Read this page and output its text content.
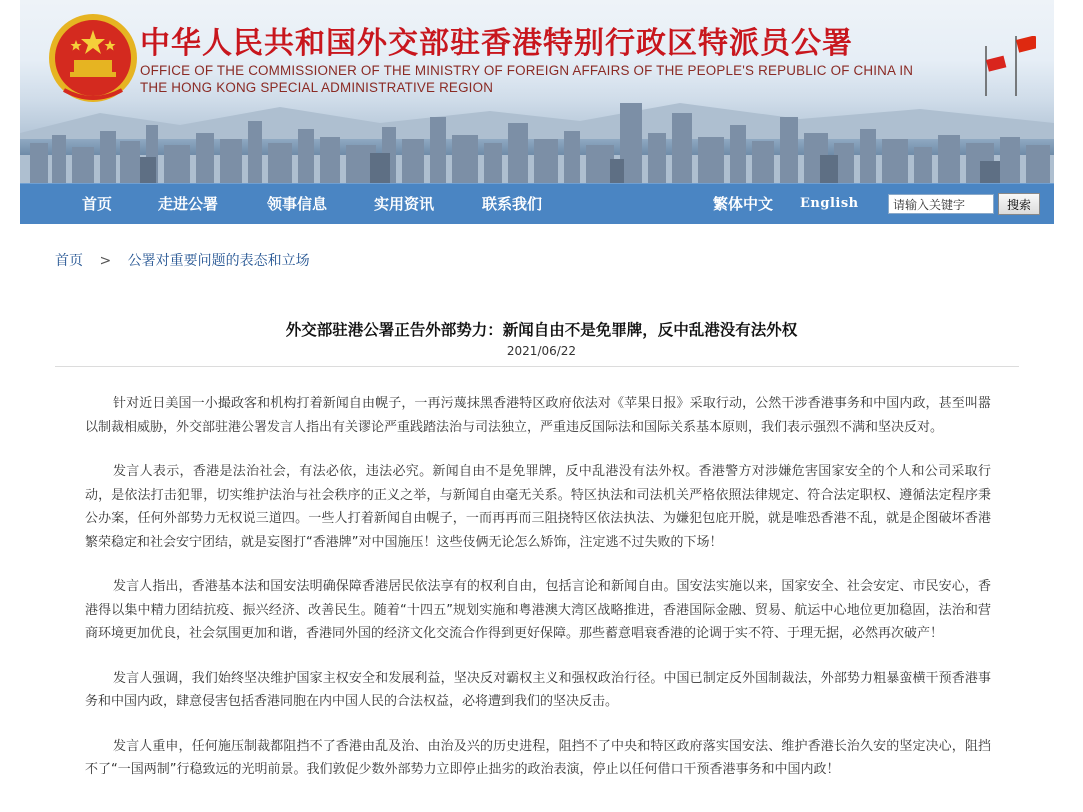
中华人民共和国外交部驻香港特别行政区特派员公署
OFFICE OF THE COMMISSIONER OF THE MINISTRY OF FOREIGN AFFAIRS OF THE PEOPLE'S REPUBLIC OF CHINA IN
THE HONG KONG SPECIAL ADMINISTRATIVE REGION
首页	走进公署	领事信息	实用资讯	联系我们	繁体中文 English
请输入关键字	搜索
首页 > 公署对重要问题的表态和立场
外交部驻港公署正告外部势力：新闻自由不是免罪牌，反中乱港没有法外权
2021/06/22

针对近日美国一小撮政客和机构打着新闻自由幌子，一再污蔑抹黑香港特区政府依法对《苹果日报》采取行动，公然干涉香港事务和中国内政，甚至叫嚣以制裁相威胁，外交部驻港公署发言人指出有关谬论严重践踏法治与司法独立，严重违反国际法和国际关系基本原则，我们表示强烈不满和坚决反对。

发言人表示，香港是法治社会，有法必依，违法必究。新闻自由不是免罪牌，反中乱港没有法外权。香港警方对涉嫌危害国家安全的个人和公司采取行动，是依法打击犯罪，切实维护法治与社会秩序的正义之举，与新闻自由毫无关系。特区执法和司法机关严格依照法律规定、符合法定职权、遵循法定程序秉公办案，任何外部势力无权说三道四。一些人打着新闻自由幌子，一而再再而三阻挠特区依法执法、为嫌犯包庇开脱，就是唯恐香港不乱，就是企图破坏香港繁荣稳定和社会安宁团结，就是妄图打“香港牌”对中国施压！这些伎俩无论怎么矫饰，注定逃不过失败的下场！

发言人指出，香港基本法和国安法明确保障香港居民依法享有的权利自由，包括言论和新闻自由。国安法实施以来，国家安全、社会安定、市民安心，香港得以集中精力团结抗疫、振兴经济、改善民生。随着“十四五”规划实施和粤港澳大湾区战略推进，香港国际金融、贸易、航运中心地位更加稳固，法治和营商环境更加优良，社会氛围更加和谐，香港同外国的经济文化交流合作得到更好保障。那些蓄意唱衰香港的论调于实不符、于理无据，必然再次破产！

发言人强调，我们始终坚决维护国家主权安全和发展利益，坚决反对霸权主义和强权政治行径。中国已制定反外国制裁法，外部势力粗暴蛮横干预香港事务和中国内政，肆意侵害包括香港同胞在内中国人民的合法权益，必将遭到我们的坚决反击。

发言人重申，任何施压制裁都阻挡不了香港由乱及治、由治及兴的历史进程，阻挡不了中央和特区政府落实国安法、维护香港长治久安的坚定决心，阻挡不了“一国两制”行稳致远的光明前景。我们敦促少数外部势力立即停止拙劣的政治表演，停止以任何借口干预香港事务和中国内政！
